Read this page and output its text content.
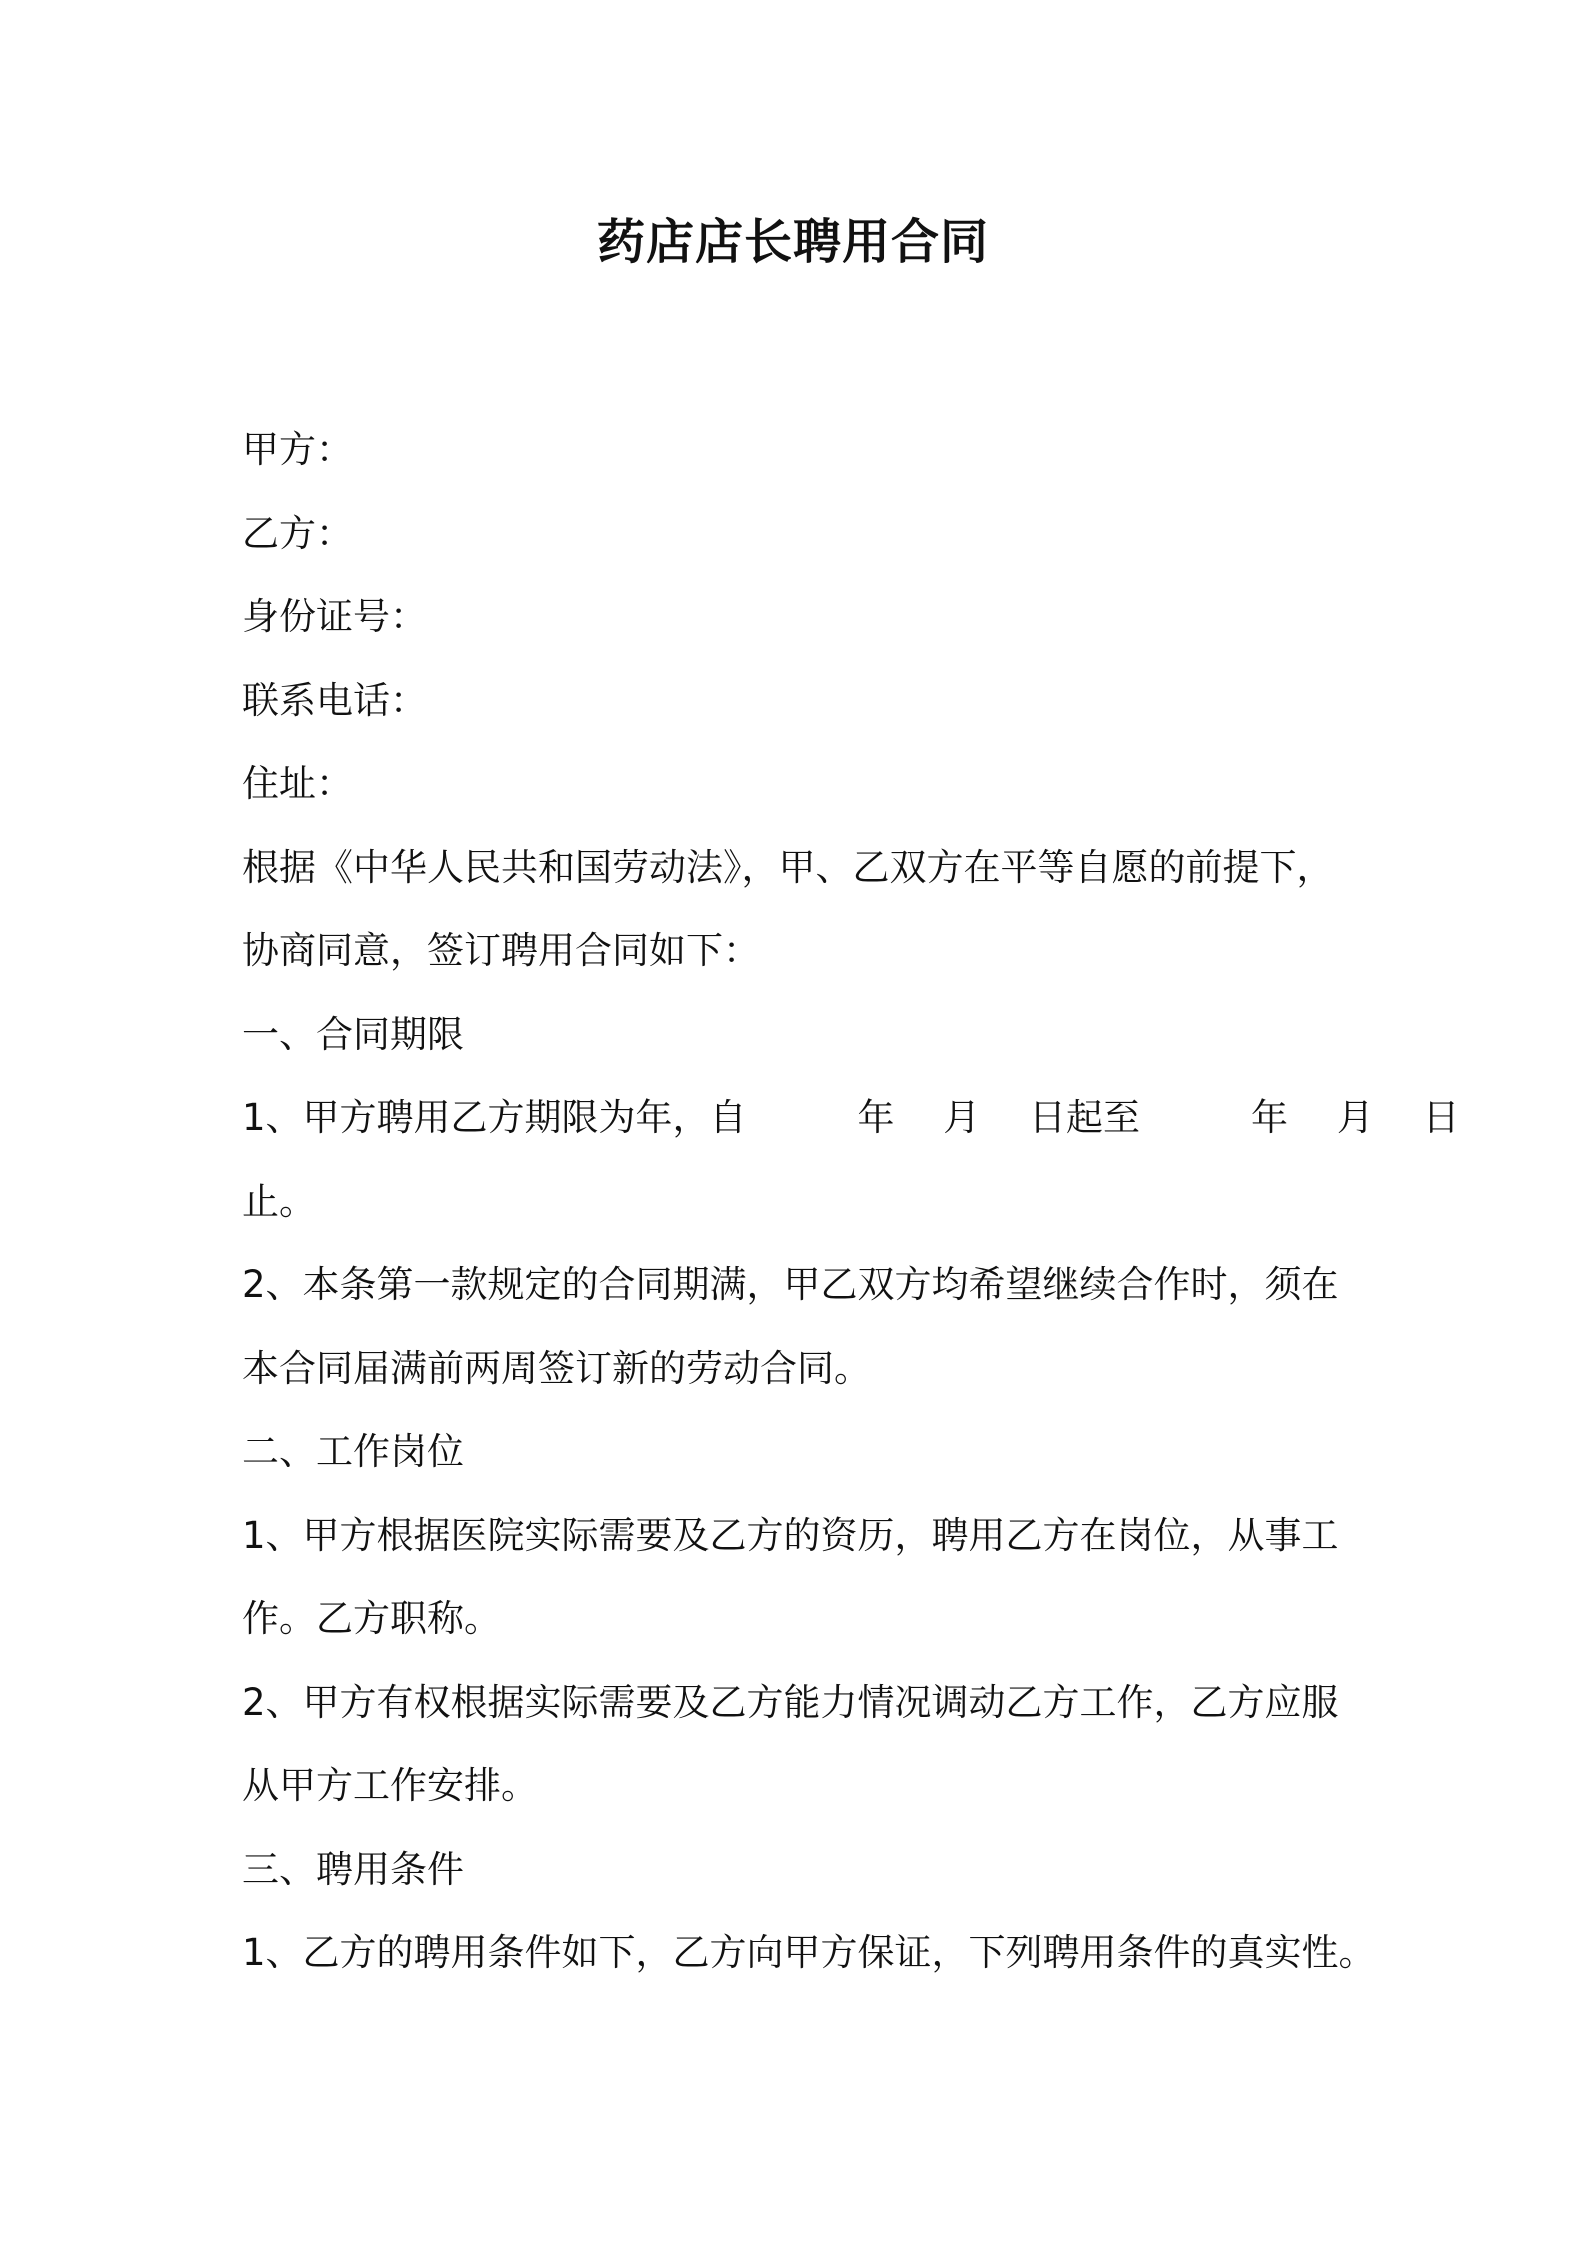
药店店长聘用合同
甲方：
乙方：
身份证号：
联系电话：
住址：
根据《中华人民共和国劳动法》，甲、乙双方在平等自愿的前提下，
协商同意，签订聘用合同如下：
一、合同期限
1、甲方聘用乙方期限为年，自　　　年　 月　 日起至　　　年　 月　 日
止。
2、本条第一款规定的合同期满，甲乙双方均希望继续合作时，须在
本合同届满前两周签订新的劳动合同。
二、工作岗位
1、甲方根据医院实际需要及乙方的资历，聘用乙方在岗位，从事工
作。乙方职称。
2、甲方有权根据实际需要及乙方能力情况调动乙方工作，乙方应服
从甲方工作安排。
三、聘用条件
1、乙方的聘用条件如下，乙方向甲方保证，下列聘用条件的真实性。
